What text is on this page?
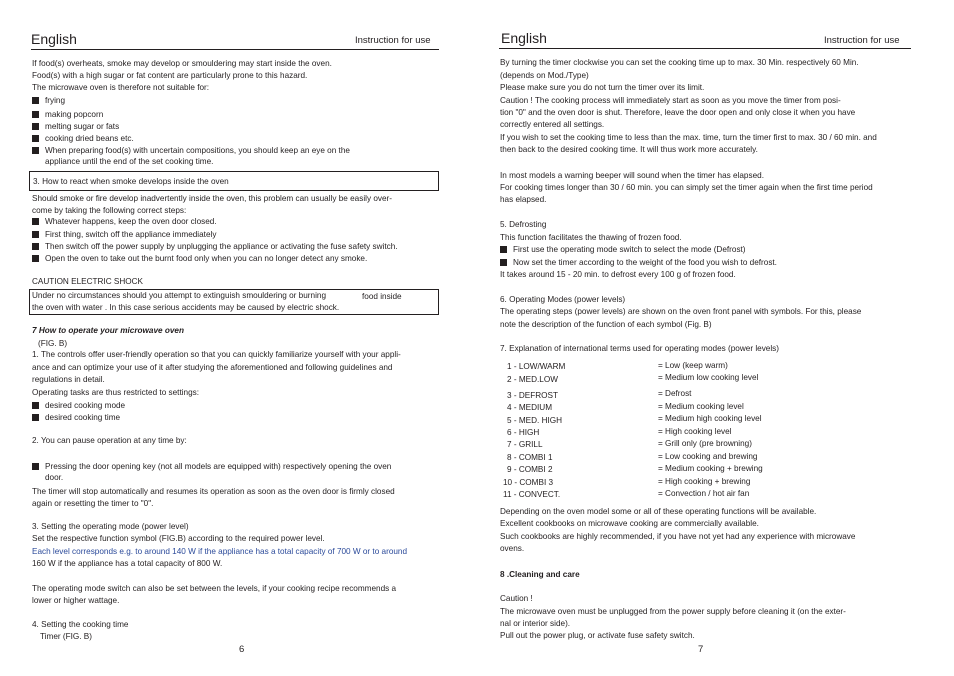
English	Instruction for use
If food(s) overheats, smoke may develop or smouldering may start inside the oven.
Food(s) with a high sugar or fat content are particularly prone to this hazard.
The microwave oven is therefore not suitable for:
frying
making popcorn
melting sugar or fats
cooking dried beans etc.
When preparing food(s) with uncertain compositions, you should keep an eye on the
appliance until the end of the set cooking time.
3. How to react when smoke develops inside the oven
Should smoke or fire develop inadvertently inside the oven, this problem can usually be easily over-
come by taking the following correct steps:
Whatever happens, keep the oven door closed.
First thing, switch off the appliance immediately
Then switch off the power supply by unplugging the appliance or activating the fuse safety switch.
Open the oven to take out the burnt food only when you can no longer detect any smoke.
CAUTION ELECTRIC SHOCK
Under no circumstances should you attempt to extinguish smouldering or burning	food inside
the oven with water . In this case serious accidents may be caused by electric shock.
7 How to operate your microwave oven
(FIG. B)
1. The controls offer user-friendly operation so that you can quickly familiarize yourself with your appli-
ance and can optimize your use of it after studying the aforementioned and following guidelines and
regulations in detail.
Operating tasks are thus restricted to settings:
desired cooking mode
desired cooking time
2. You can pause operation at any time by:
Pressing the door opening key (not all models are equipped with) respectively opening the oven
door.
The timer will stop automatically and resumes its operation as soon as the oven door is firmly closed
again or resetting the timer to "0".
3. Setting the operating mode (power level)
Set the respective function symbol (FIG.B) according to the required power level.
Each level corresponds e.g. to around 140 W if the appliance has a total capacity of 700 W or to around
160 W if the appliance has a total capacity of 800 W.
The operating mode switch can also be set between the levels, if your cooking recipe recommends a
lower or higher wattage.
4. Setting the cooking time
Timer (FIG. B)
6
English	Instruction for use
By turning the timer clockwise you can set the cooking time up to max. 30 Min. respectively 60 Min.
(depends on Mod./Type)
Please make sure you do not turn the timer over its limit.
Caution ! The cooking process will immediately start as soon as you move the timer from posi-
tion "0" and the oven door is shut. Therefore, leave the door open and only close it when you have
correctly entered all settings.
If you wish to set the cooking time to less than the max. time, turn the timer first to max. 30 / 60 min. and
then back to the desired cooking time. It will thus work more accurately.
In most models a warning beeper will sound when the timer has elapsed.
For cooking times longer than 30 / 60 min. you can simply set the timer again when the first time period
has elapsed.
5. Defrosting
This function facilitates the thawing of frozen food.
First use the operating mode switch to select the mode (Defrost)
Now set the timer according to the weight of the food you wish to defrost.
It takes around 15 - 20 min. to defrost every 100 g of frozen food.
6. Operating Modes (power levels)
The operating steps (power levels) are shown on the oven front panel with symbols. For this, please
note the description of the function of each symbol (Fig. B)
7. Explanation of international terms used for operating modes (power levels)
1 - LOW/WARM	= Low (keep warm)
2 - MED.LOW	= Medium low cooking level
3 - DEFROST	= Defrost
4 - MEDIUM	= Medium cooking level
5 - MED. HIGH	= Medium high cooking level
6 - HIGH	= High cooking level
7 - GRILL	= Grill only (pre browning)
8 - COMBI 1	= Low cooking and brewing
9 - COMBI 2	= Medium cooking + brewing
10 - COMBI 3	= High cooking + brewing
11 - CONVECT.	= Convection / hot air fan
Depending on the oven model some or all of these operating functions will be available.
Excellent cookbooks on microwave cooking are commercially available.
Such cookbooks are highly recommended, if you have not yet had any experience with microwave
ovens.
8 .Cleaning and care
Caution !
The microwave oven must be unplugged from the power supply before cleaning it (on the exter-
nal or interior side).
Pull out the power plug, or activate fuse safety switch.
7
